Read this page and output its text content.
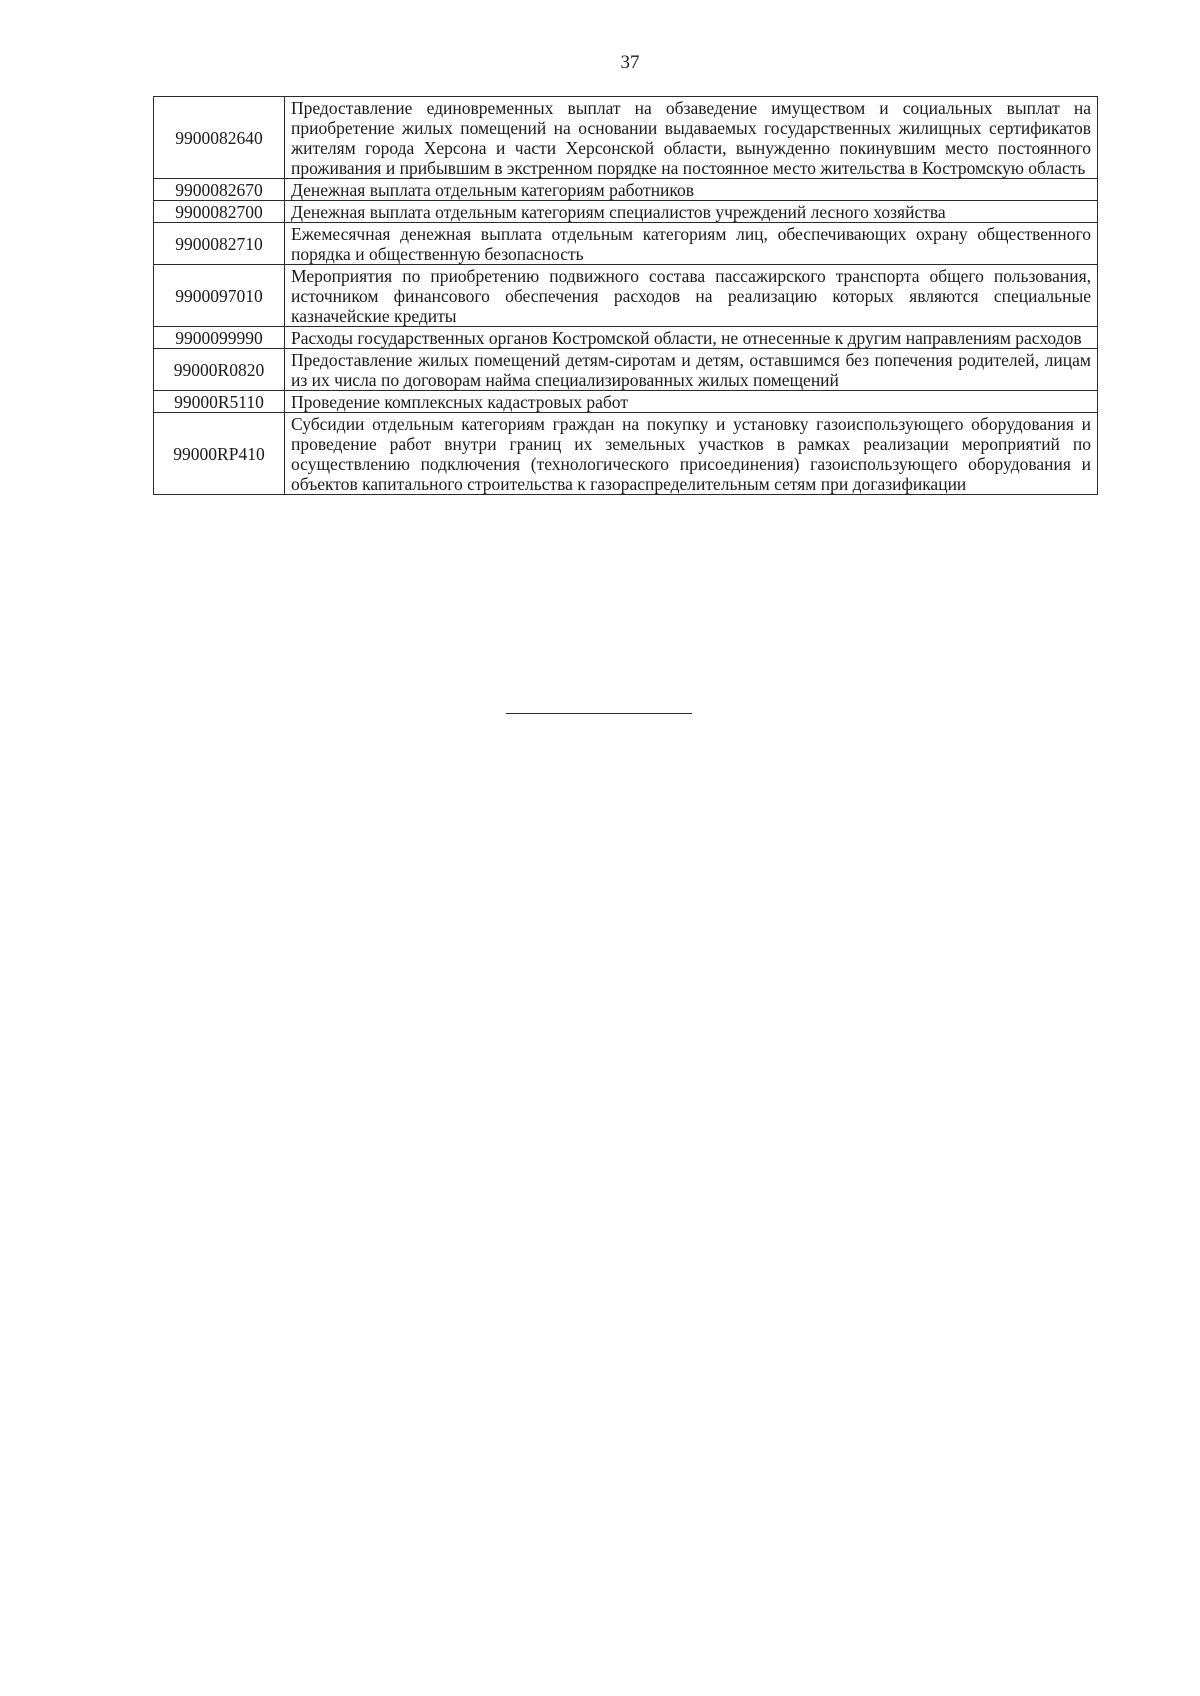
37
9900082640	Предоставление единовременных выплат на обзаведение имуществом и социальных выплат на приобретение жилых помещений на основании выдаваемых государственных жилищных сертификатов жителям города Херсона и части Херсонской области, вынужденно покинувшим место постоянного проживания и прибывшим в экстренном порядке на постоянное место жительства в Костромскую область
9900082670	Денежная выплата отдельным категориям работников
9900082700	Денежная выплата отдельным категориям специалистов учреждений лесного хозяйства
9900082710	Ежемесячная денежная выплата отдельным категориям лиц, обеспечивающих охрану общественного порядка и общественную безопасность
9900097010	Мероприятия по приобретению подвижного состава пассажирского транспорта общего пользования, источником финансового обеспечения расходов на реализацию которых являются специальные казначейские кредиты
9900099990	Расходы государственных органов Костромской области, не отнесенные к другим направлениям расходов
99000R0820	Предоставление жилых помещений детям-сиротам и детям, оставшимся без попечения родителей, лицам из их числа по договорам найма специализированных жилых помещений
99000R5110	Проведение комплексных кадастровых работ
99000RP410	Субсидии отдельным категориям граждан на покупку и установку газоиспользующего оборудования и проведение работ внутри границ их земельных участков в рамках реализации мероприятий по осуществлению подключения (технологического присоединения) газоиспользующего оборудования и объектов капитального строительства к газораспределительным сетям при догазификации
